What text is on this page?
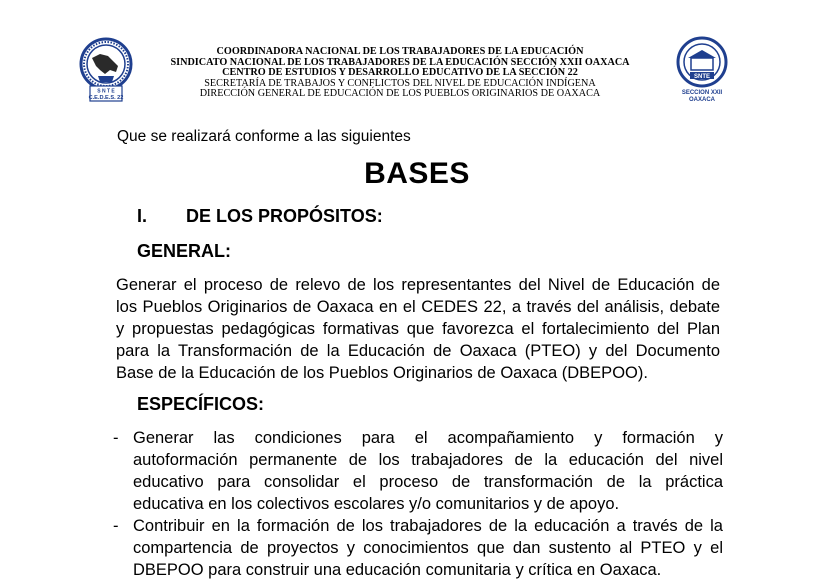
S N T E
C.E.D.E.S. 22
COORDINADORA NACIONAL DE LOS TRABAJADORES DE LA EDUCACIÓN
SINDICATO NACIONAL DE LOS TRABAJADORES DE LA EDUCACIÓN SECCIÓN XXII OAXACA
CENTRO DE ESTUDIOS Y DESARROLLO EDUCATIVO DE LA SECCIÓN 22
SECRETARÍA DE TRABAJOS Y CONFLICTOS DEL NIVEL DE EDUCACIÓN INDÍGENA
DIRECCIÓN GENERAL DE EDUCACIÓN DE LOS PUEBLOS ORIGINARIOS DE OAXACA
SNTE
SECCION XXII
OAXACA
Que se realizará conforme a las siguientes
BASES
I. DE LOS PROPÓSITOS:
GENERAL:
Generar el proceso de relevo de los representantes del Nivel de Educación de
los Pueblos Originarios de Oaxaca en el CEDES 22, a través del análisis, debate
y propuestas pedagógicas formativas que favorezca el fortalecimiento del Plan
para la Transformación de la Educación de Oaxaca (PTEO) y del Documento
Base de la Educación de los Pueblos Originarios de Oaxaca (DBEPOO).
ESPECÍFICOS:
- Generar las condiciones para el acompañamiento y formación y
autoformación permanente de los trabajadores de la educación del nivel
educativo para consolidar el proceso de transformación de la práctica
educativa en los colectivos escolares y/o comunitarios y de apoyo.
- Contribuir en la formación de los trabajadores de la educación a través de la
compartencia de proyectos y conocimientos que dan sustento al PTEO y el
DBEPOO para construir una educación comunitaria y crítica en Oaxaca.
